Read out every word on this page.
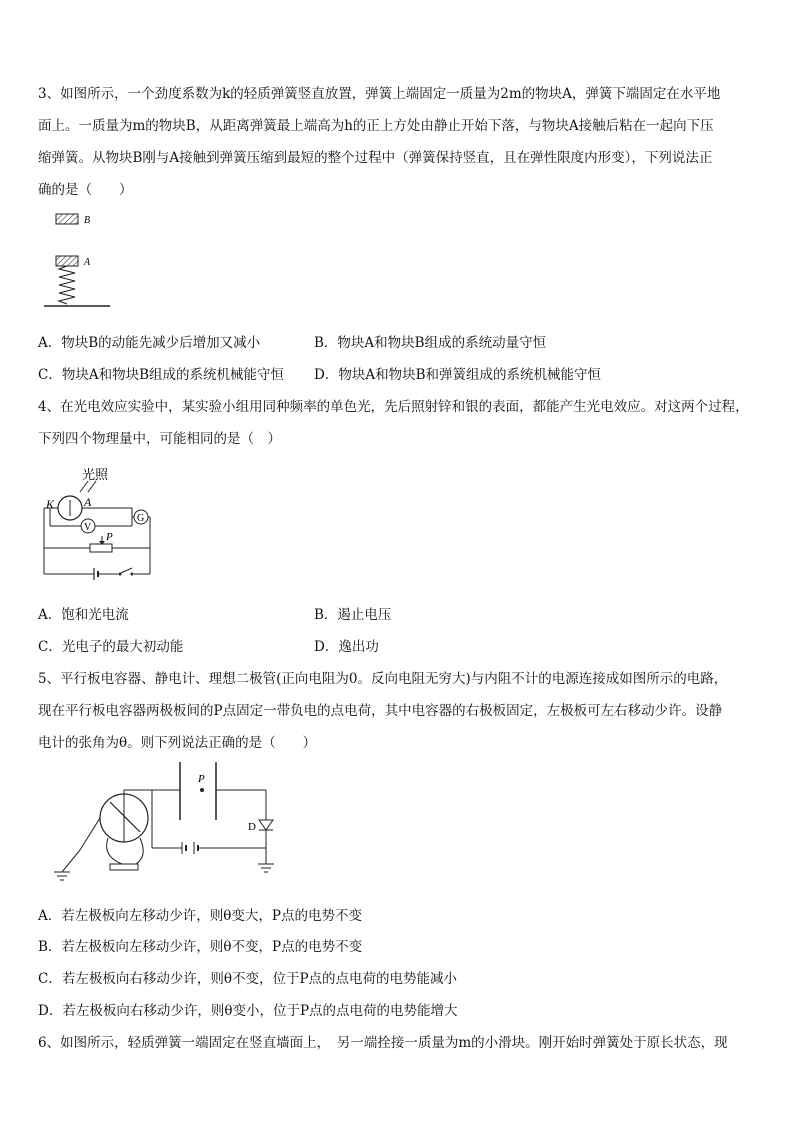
3、如图所示，一个劲度系数为k的轻质弹簧竖直放置，弹簧上端固定一质量为2m的物块A，弹簧下端固定在水平地
面上。一质量为m的物块B，从距离弹簧最上端高为h的正上方处由静止开始下落，与物块A接触后粘在一起向下压
缩弹簧。从物块B刚与A接触到弹簧压缩到最短的整个过程中（弹簧保持竖直，且在弹性限度内形变），下列说法正
确的是（　　）
B
A
A．物块B的动能先减少后增加又减小	B．物块A和物块B组成的系统动量守恒
C．物块A和物块B组成的系统机械能守恒 D．物块A和物块B和弹簧组成的系统机械能守恒
4、在光电效应实验中，某实验小组用同种频率的单色光，先后照射锌和银的表面，都能产生光电效应。对这两个过程，
下列四个物理量中，可能相同的是（　）
光照
K A
V
G
P
A．饱和光电流	B．遏止电压
C．光电子的最大初动能	D．逸出功
5、平行板电容器、静电计、理想二极管(正向电阻为0。反向电阻无穷大)与内阻不计的电源连接成如图所示的电路，
现在平行板电容器两极板间的P点固定一带负电的点电荷，其中电容器的右极板固定，左极板可左右移动少许。设静
电计的张角为θ。则下列说法正确的是（　　）
P
D
A．若左极板向左移动少许，则θ变大，P点的电势不变
B．若左极板向左移动少许，则θ不变，P点的电势不变
C．若左极板向右移动少许，则θ不变，位于P点的点电荷的电势能减小
D．若左极板向右移动少许，则θ变小，位于P点的点电荷的电势能增大
6、如图所示，轻质弹簧一端固定在竖直墙面上，　另一端拴接一质量为m的小滑块。刚开始时弹簧处于原长状态，现
